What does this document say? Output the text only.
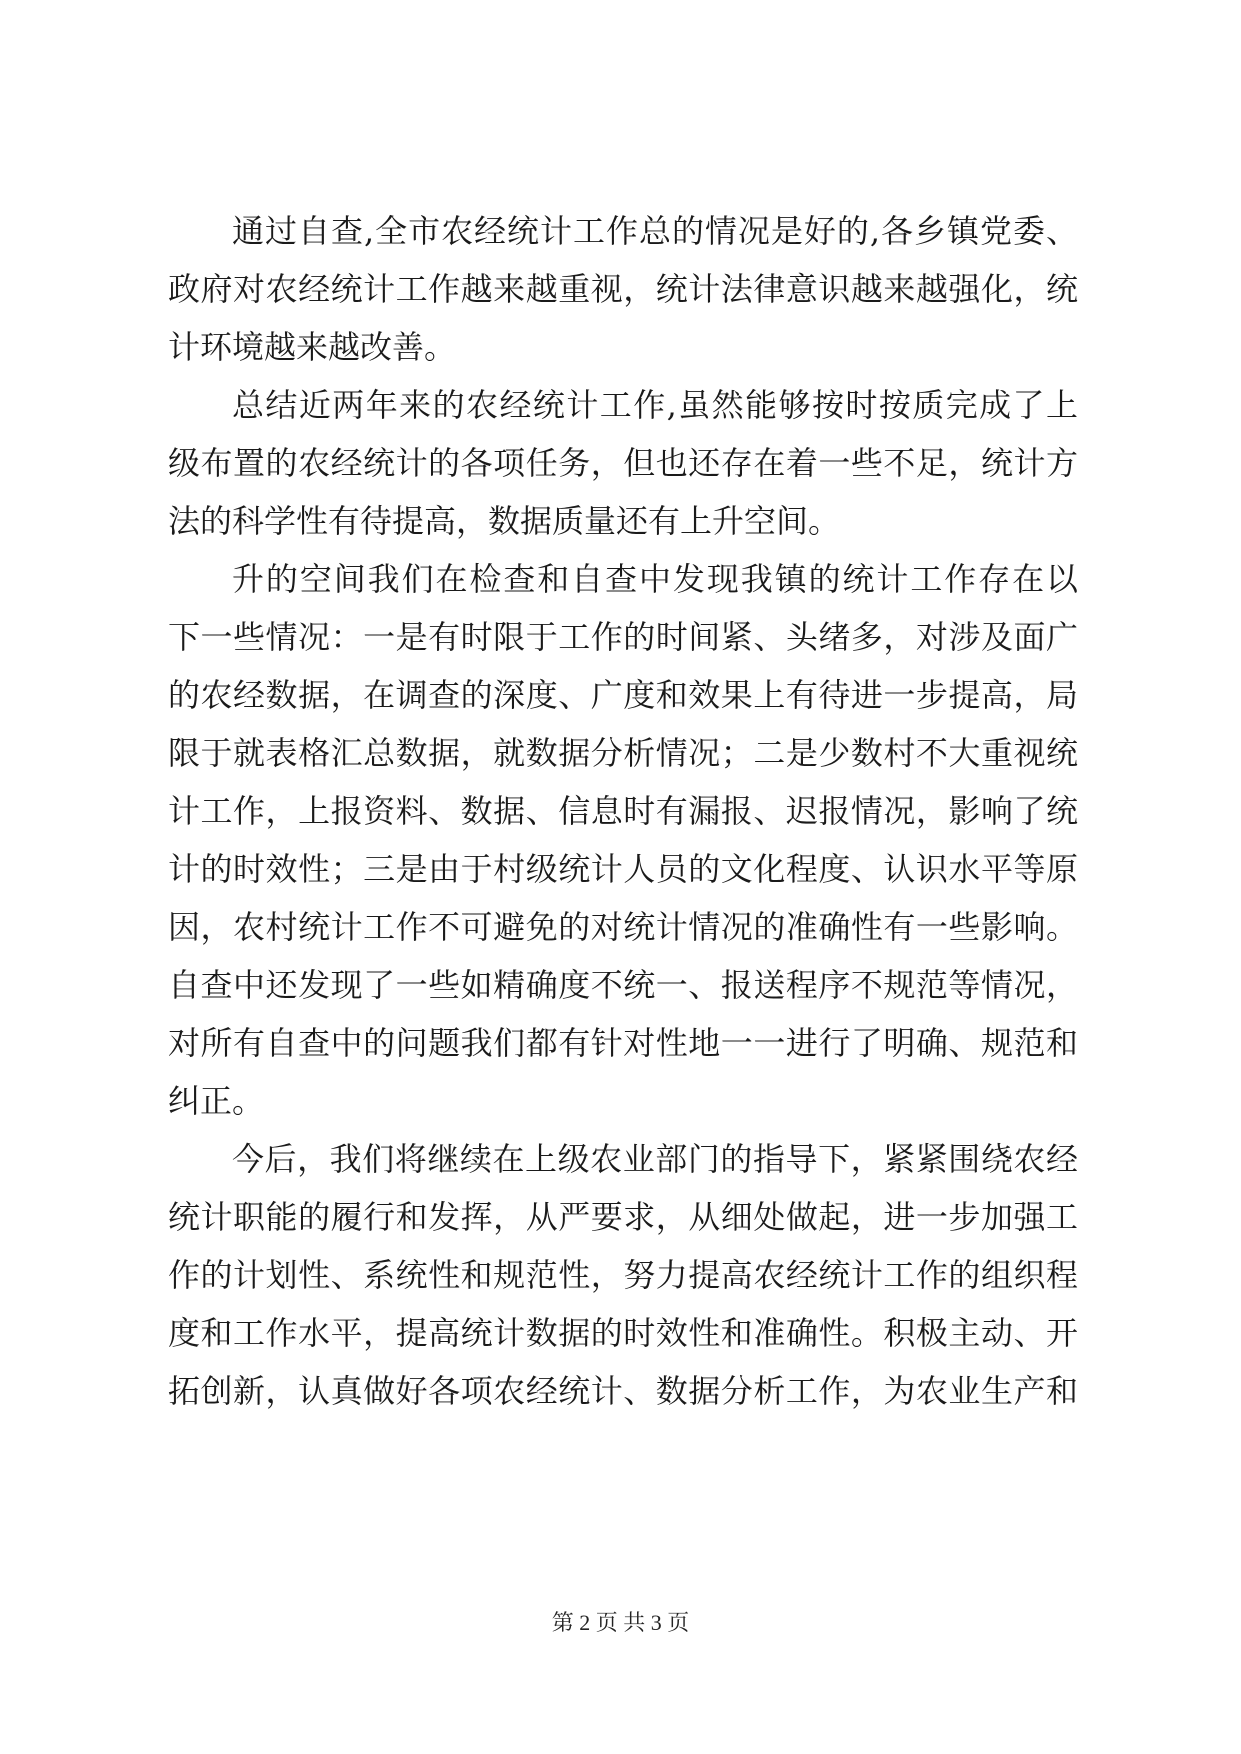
通过自查,全市农经统计工作总的情况是好的,各乡镇党委、
政府对农经统计工作越来越重视，统计法律意识越来越强化，统
计环境越来越改善。
总结近两年来的农经统计工作,虽然能够按时按质完成了上
级布置的农经统计的各项任务，但也还存在着一些不足，统计方
法的科学性有待提高，数据质量还有上升空间。
升的空间我们在检查和自查中发现我镇的统计工作存在以
下一些情况：一是有时限于工作的时间紧、头绪多，对涉及面广
的农经数据，在调查的深度、广度和效果上有待进一步提高，局
限于就表格汇总数据，就数据分析情况；二是少数村不大重视统
计工作，上报资料、数据、信息时有漏报、迟报情况，影响了统
计的时效性；三是由于村级统计人员的文化程度、认识水平等原
因，农村统计工作不可避免的对统计情况的准确性有一些影响。
自查中还发现了一些如精确度不统一、报送程序不规范等情况，
对所有自查中的问题我们都有针对性地一一进行了明确、规范和
纠正。
今后，我们将继续在上级农业部门的指导下，紧紧围绕农经
统计职能的履行和发挥，从严要求，从细处做起，进一步加强工
作的计划性、系统性和规范性，努力提高农经统计工作的组织程
度和工作水平，提高统计数据的时效性和准确性。积极主动、开
拓创新，认真做好各项农经统计、数据分析工作，为农业生产和
第 2 页 共 3 页
